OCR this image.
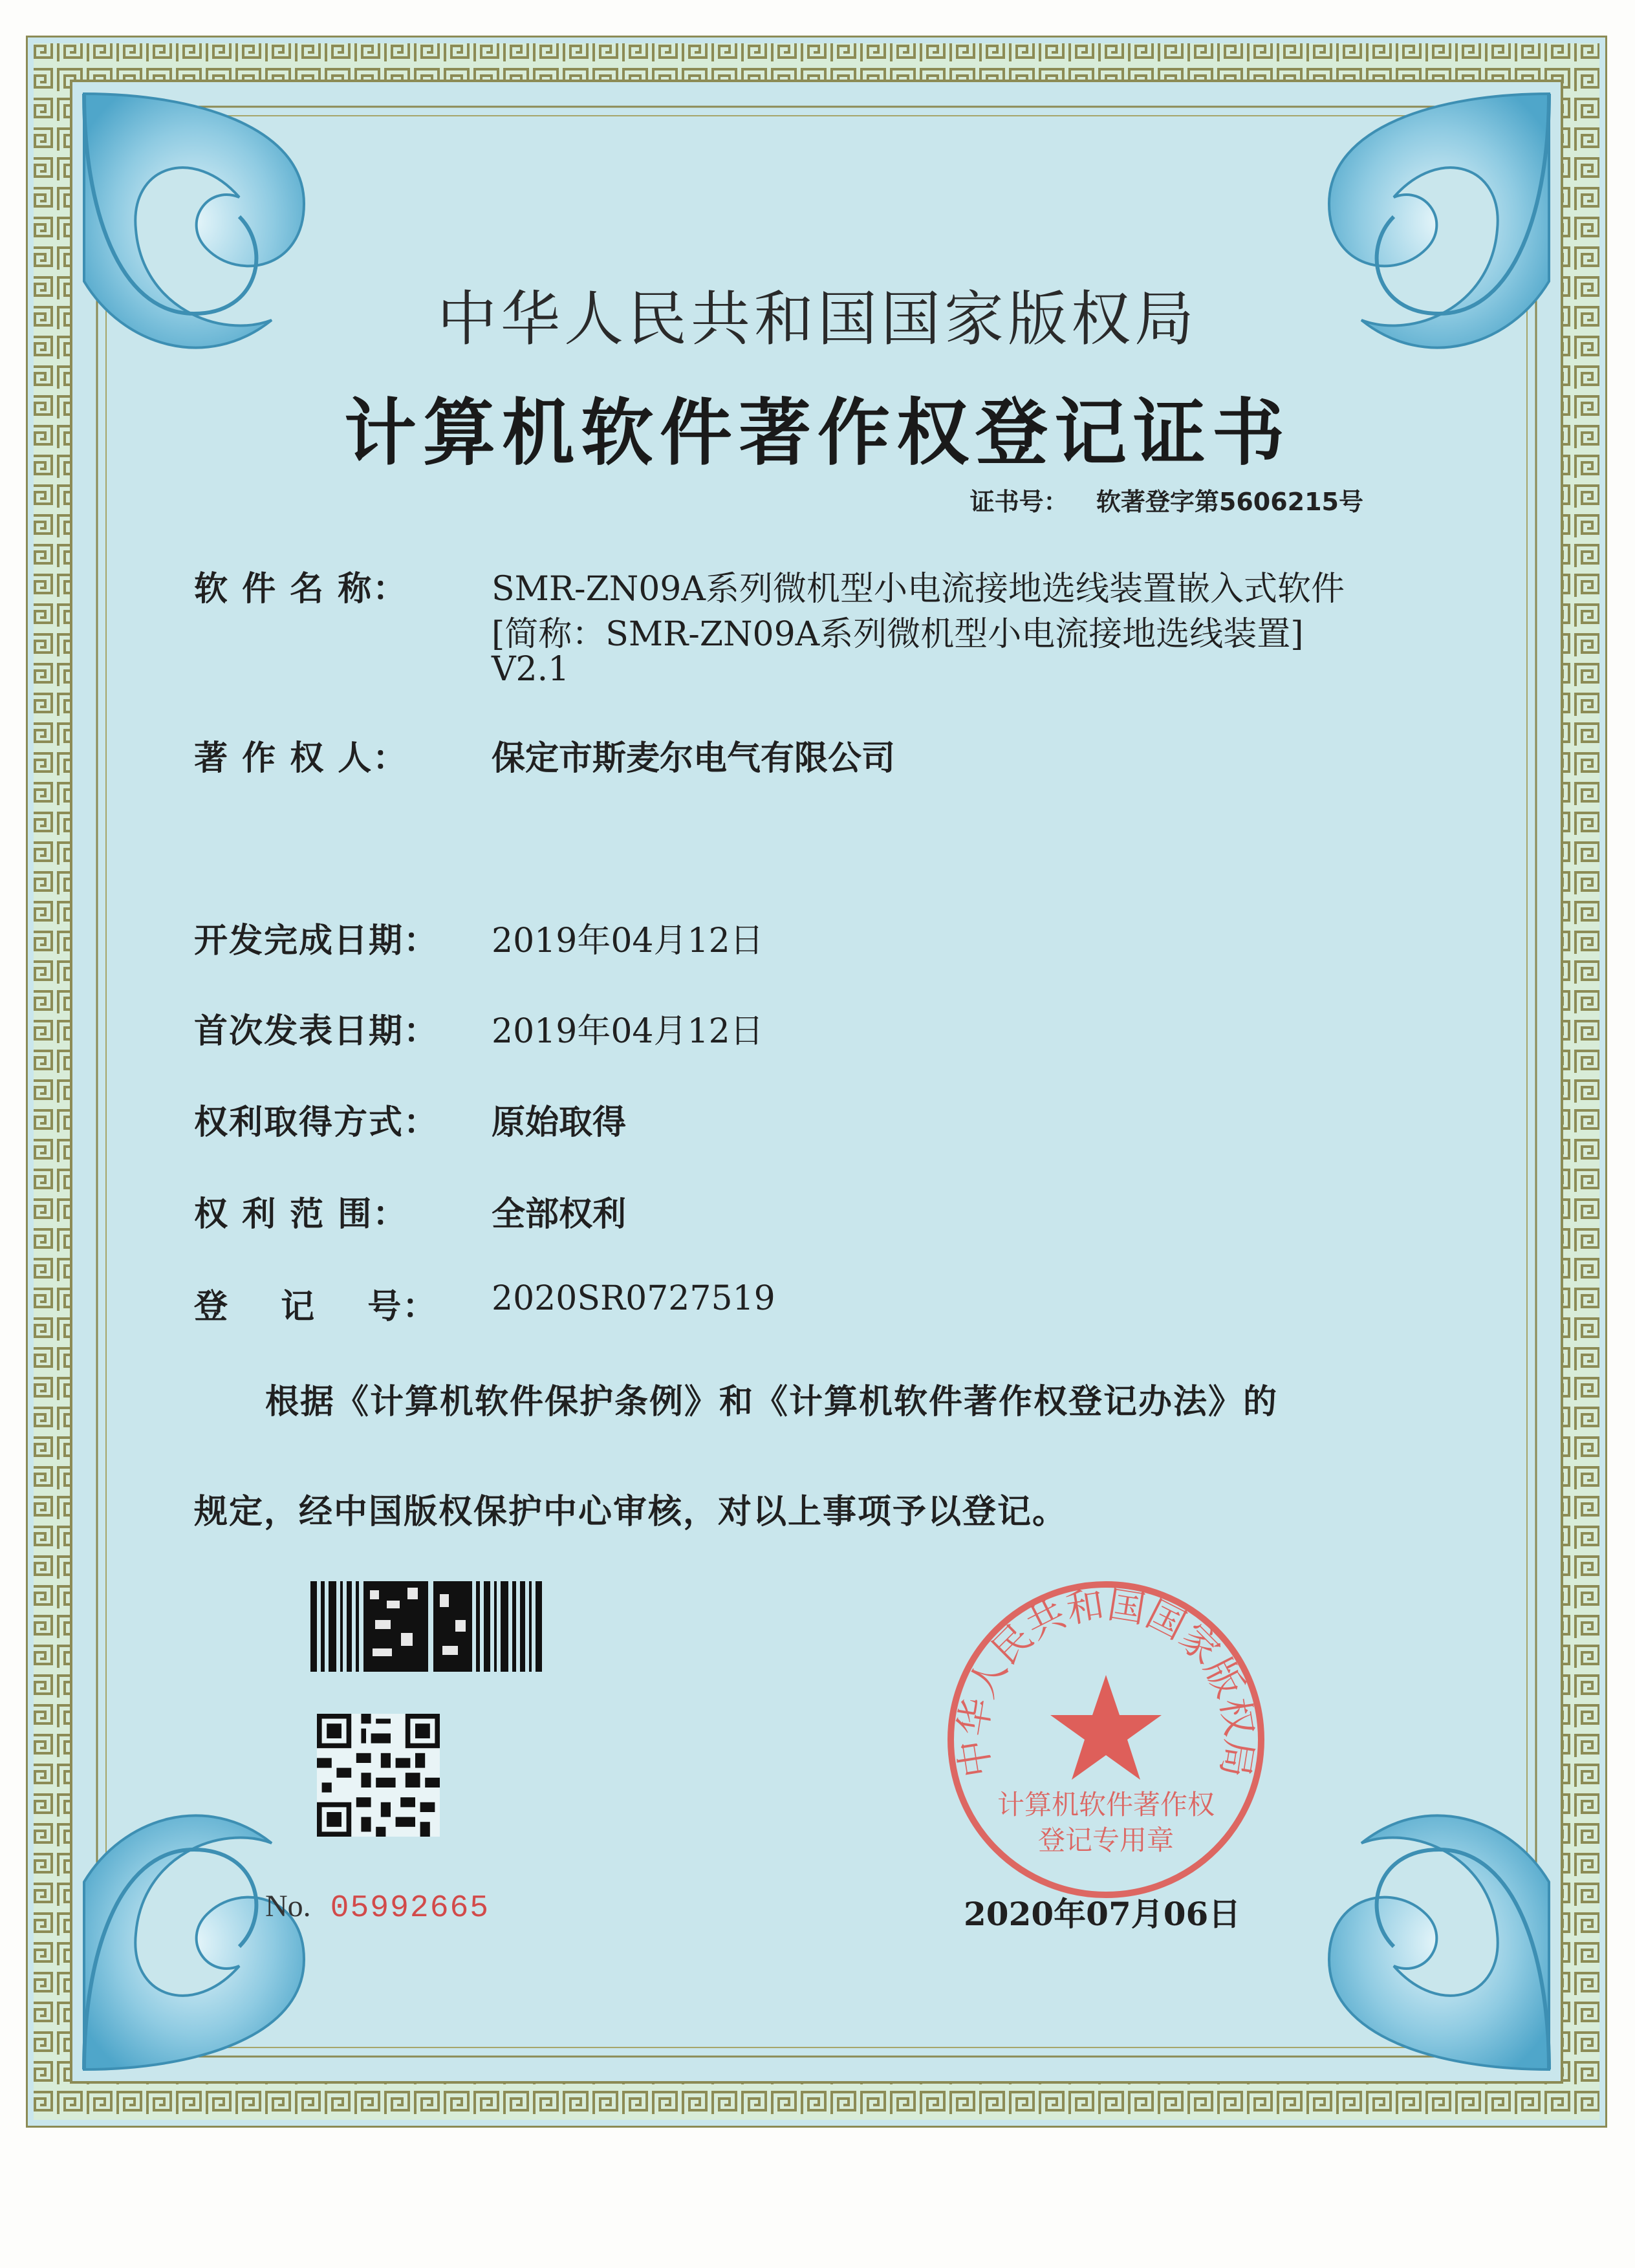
中华人民共和国国家版权局
计算机软件著作权登记证书
证书号： 软著登字第5606215号
软 件 名 称： SMR-ZN09A系列微机型小电流接地选线装置嵌入式软件
[简称：SMR-ZN09A系列微机型小电流接地选线装置]
V2.1
著 作 权 人： 保定市斯麦尔电气有限公司
开发完成日期： 2019年04月12日
首次发表日期： 2019年04月12日
权利取得方式： 原始取得
权 利 范 围： 全部权利
登 记 号： 2020SR0727519
根据《计算机软件保护条例》和《计算机软件著作权登记办法》的
规定，经中国版权保护中心审核，对以上事项予以登记。
中华人民共和国国家版权局
计算机软件著作权
登记专用章
No. 05992665	2020年07月06日
